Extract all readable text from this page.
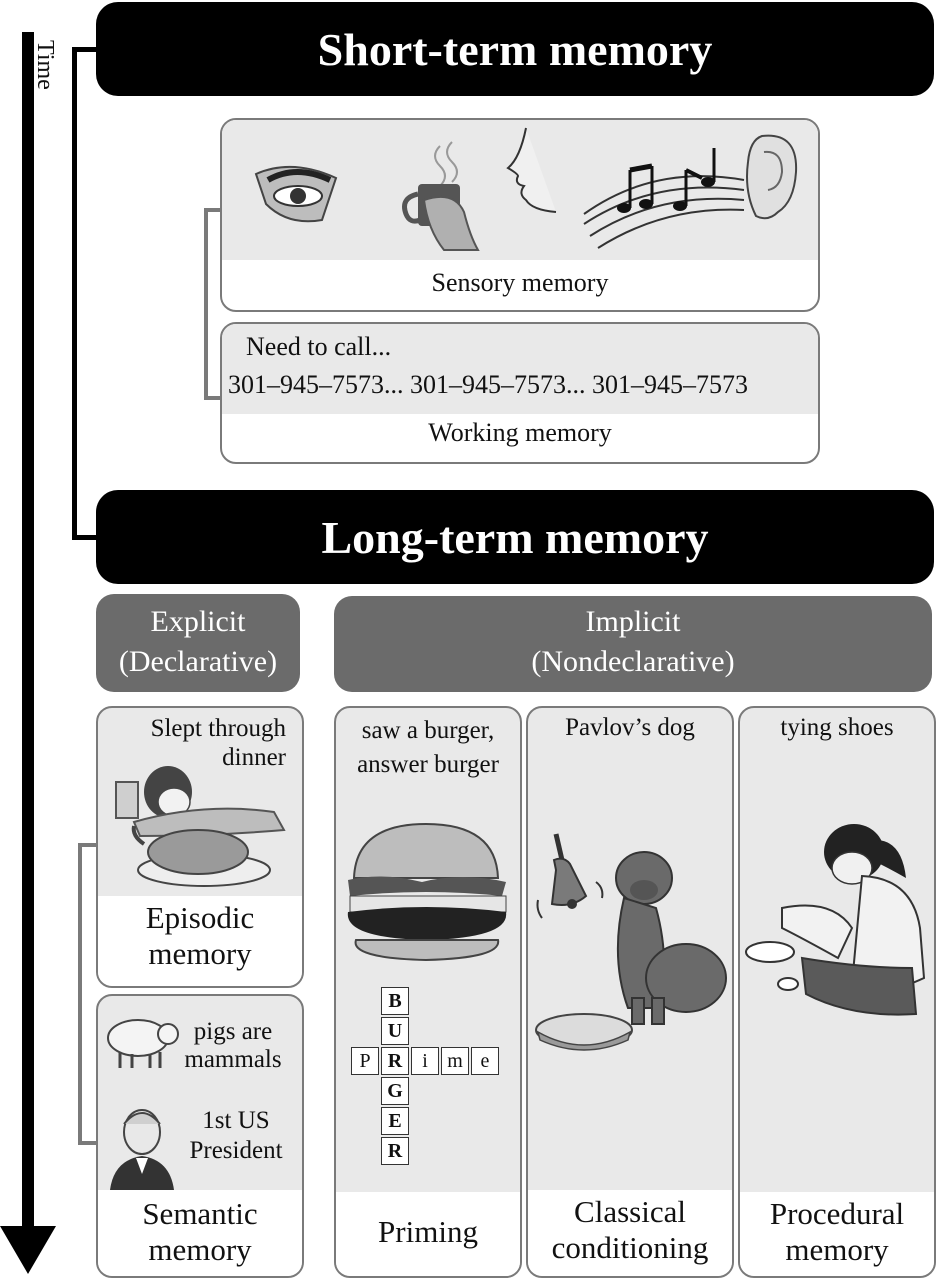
Time	Short-term memory
Sensory memory
Need to call...
301–945–7573... 301–945–7573... 301–945–7573
Working memory
Long-term memory
Explicit
(Declarative)
Implicit
(Nondeclarative)
Slept through
dinner
Episodic
memory
pigs are
mammals
1st US
President
Semantic
memory
saw a burger,
answer burger
B
U
R
G
E
R
P	i m e
Priming
Pavlov’s dog
Classical
conditioning
tying shoes
Procedural
memory
